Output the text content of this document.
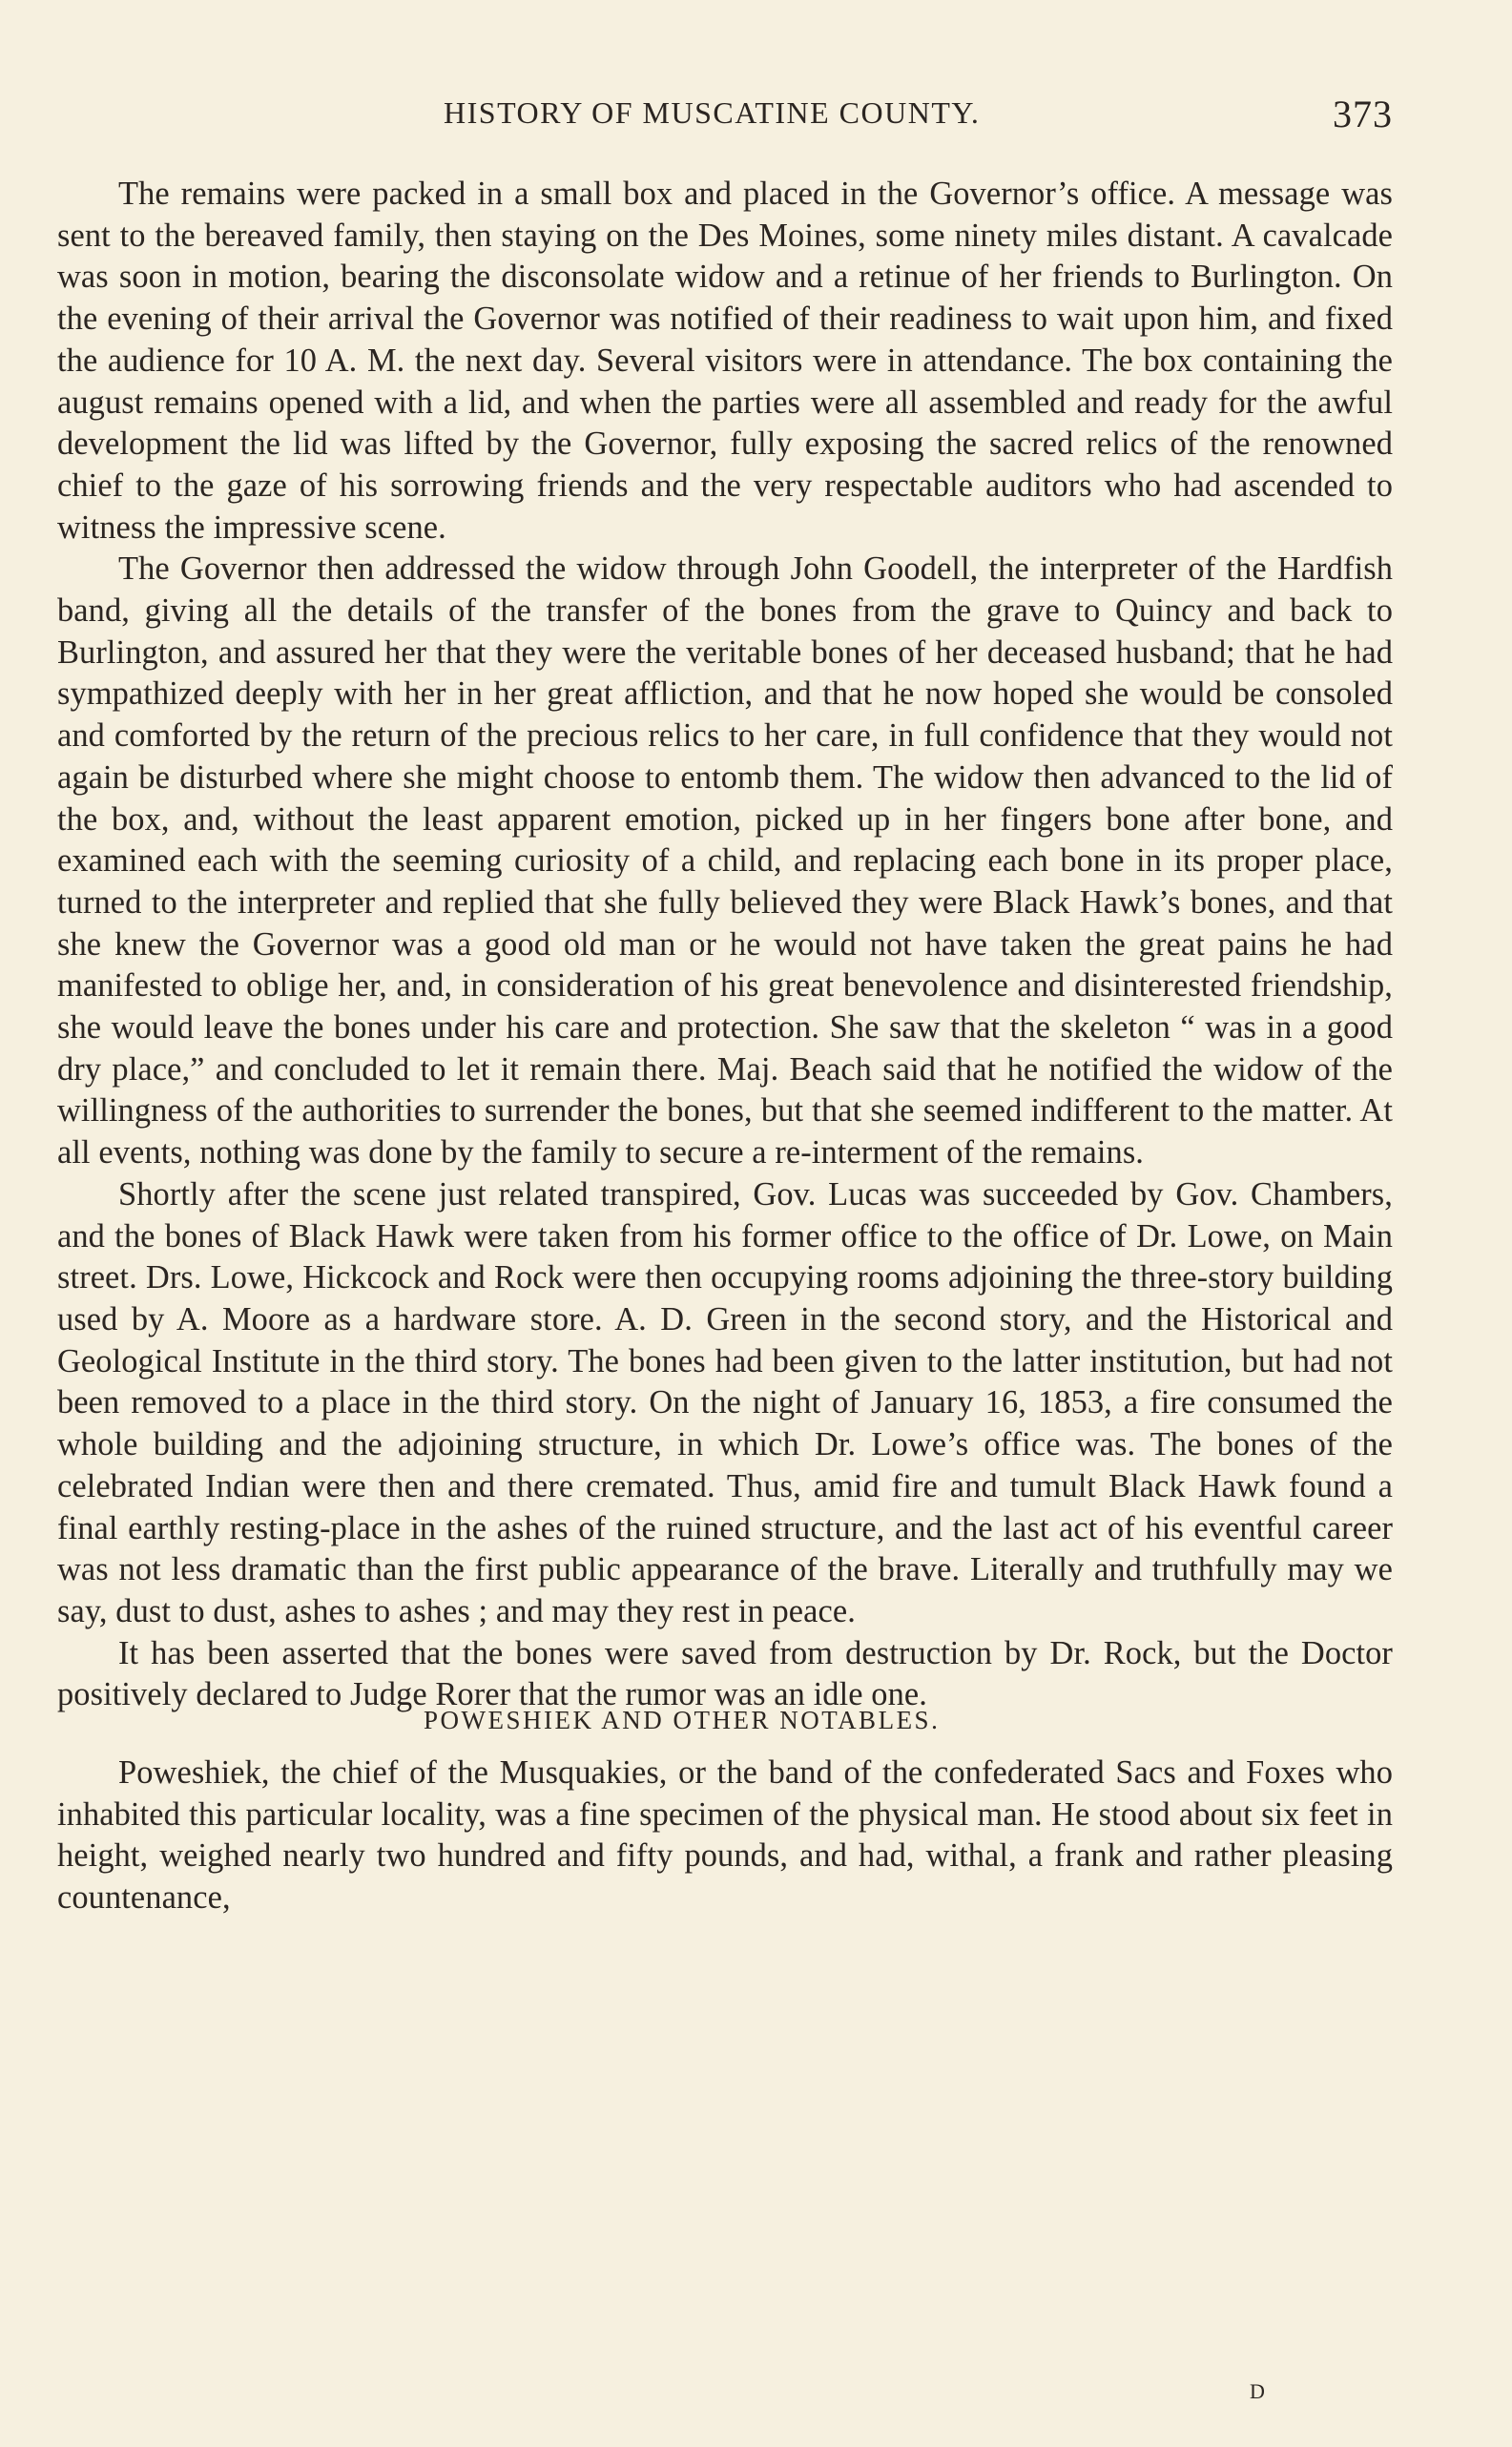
HISTORY OF MUSCATINE COUNTY.	373

The remains were packed in a small box and placed in the Governor’s office. A message was sent to the bereaved family, then staying on the Des Moines, some ninety miles distant. A cavalcade was soon in motion, bearing the disconsolate widow and a retinue of her friends to Burlington. On the evening of their arrival the Governor was notified of their readiness to wait upon him, and fixed the audience for 10 A. M. the next day. Several visitors were in attendance. The box containing the august remains opened with a lid, and when the parties were all assembled and ready for the awful development the lid was lifted by the Governor, fully exposing the sacred relics of the renowned chief to the gaze of his sorrowing friends and the very respectable auditors who had ascended to witness the impressive scene.

The Governor then addressed the widow through John Goodell, the interpreter of the Hardfish band, giving all the details of the transfer of the bones from the grave to Quincy and back to Burlington, and assured her that they were the veritable bones of her deceased husband; that he had sympathized deeply with her in her great affliction, and that he now hoped she would be consoled and comforted by the return of the precious relics to her care, in full confidence that they would not again be disturbed where she might choose to entomb them. The widow then advanced to the lid of the box, and, without the least apparent emotion, picked up in her fingers bone after bone, and examined each with the seeming curiosity of a child, and replacing each bone in its proper place, turned to the interpreter and replied that she fully believed they were Black Hawk’s bones, and that she knew the Governor was a good old man or he would not have taken the great pains he had manifested to oblige her, and, in consideration of his great benevolence and disinterested friendship, she would leave the bones under his care and protection. She saw that the skeleton “ was in a good dry place,” and concluded to let it remain there. Maj. Beach said that he notified the widow of the willingness of the authorities to surrender the bones, but that she seemed indifferent to the matter. At all events, nothing was done by the family to secure a re-interment of the remains.

Shortly after the scene just related transpired, Gov. Lucas was succeeded by Gov. Chambers, and the bones of Black Hawk were taken from his former office to the office of Dr. Lowe, on Main street. Drs. Lowe, Hickcock and Rock were then occupying rooms adjoining the three-story building used by A. Moore as a hardware store. A. D. Green in the second story, and the Historical and Geological Institute in the third story. The bones had been given to the latter institution, but had not been removed to a place in the third story. On the night of January 16, 1853, a fire consumed the whole building and the adjoining structure, in which Dr. Lowe’s office was. The bones of the celebrated Indian were then and there cremated. Thus, amid fire and tumult Black Hawk found a final earthly resting-place in the ashes of the ruined structure, and the last act of his eventful career was not less dramatic than the first public appearance of the brave. Literally and truthfully may we say, dust to dust, ashes to ashes ; and may they rest in peace.

It has been asserted that the bones were saved from destruction by Dr. Rock, but the Doctor positively declared to Judge Rorer that the rumor was an idle one.

POWESHIEK AND OTHER NOTABLES.

Poweshiek, the chief of the Musquakies, or the band of the confederated Sacs and Foxes who inhabited this particular locality, was a fine specimen of the physical man. He stood about six feet in height, weighed nearly two hundred and fifty pounds, and had, withal, a frank and rather pleasing countenance,

D
